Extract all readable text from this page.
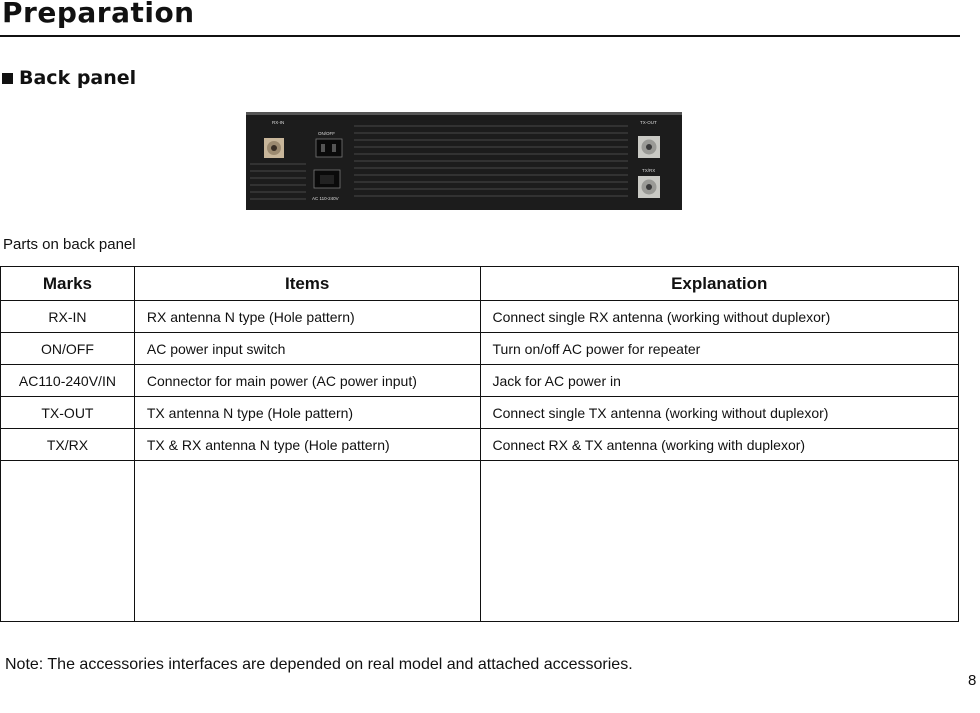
Preparation
Back panel
RX-IN
ON/OFF
AC 110-240V
TX-OUT
TX/RX
Parts on back panel
Marks	Items	Explanation
RX-IN	RX antenna N type (Hole pattern)	Connect single RX antenna (working without duplexor)
ON/OFF	AC power input switch	Turn on/off AC power for repeater
AC110-240V/IN	Connector for main power (AC power input)	Jack for AC power in
TX-OUT	TX antenna N type (Hole pattern)	Connect single TX antenna (working without duplexor)
TX/RX	TX & RX antenna N type (Hole pattern)	Connect RX & TX antenna (working with duplexor)

Note: The accessories interfaces are depended on real model and attached accessories.
8
